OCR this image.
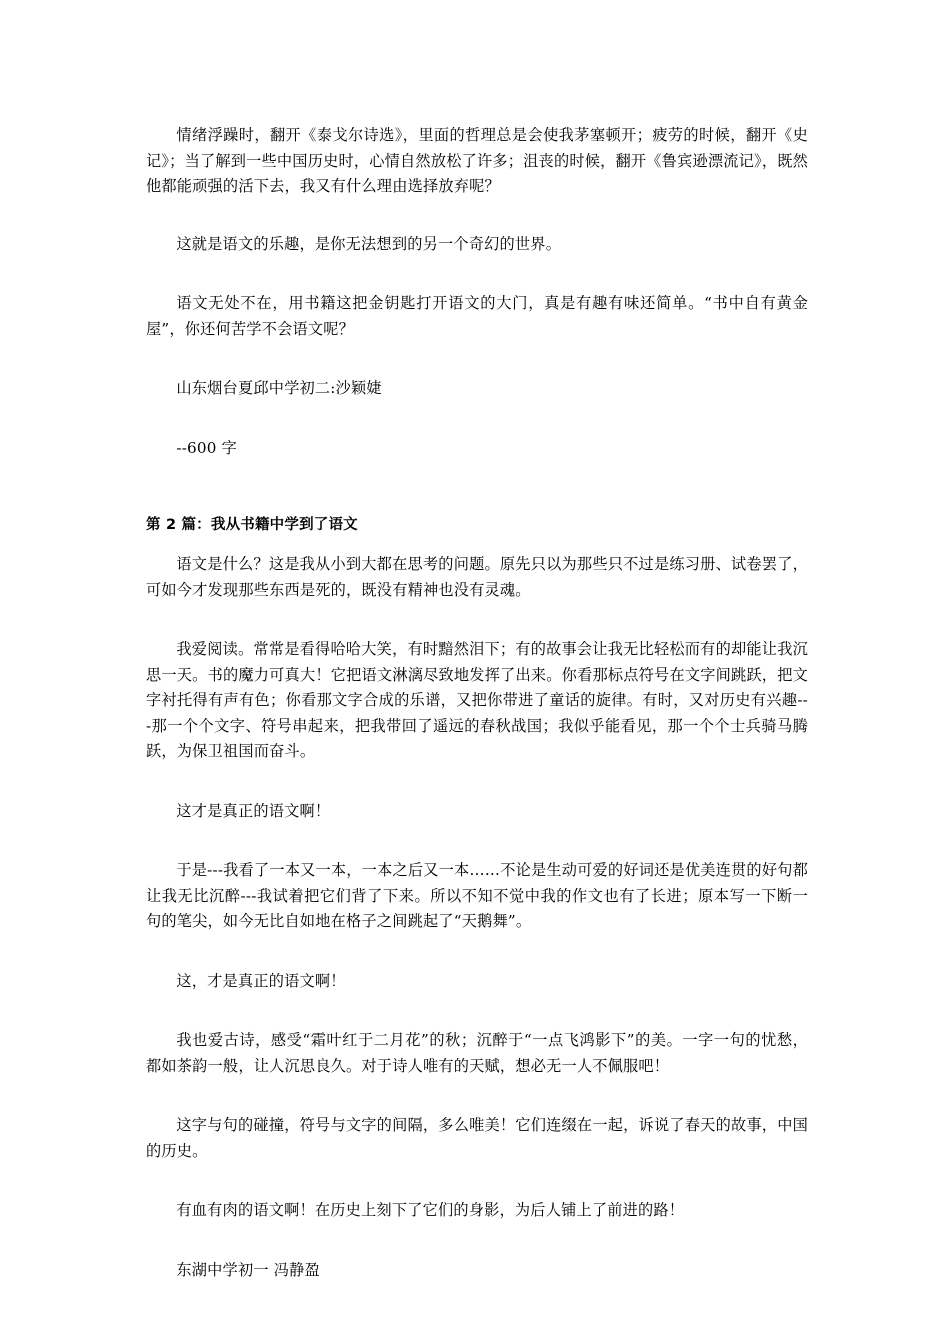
情绪浮躁时，翻开《泰戈尔诗选》，里面的哲理总是会使我茅塞顿开；疲劳的时候，翻开《史记》；当了解到一些中国历史时，心情自然放松了许多；沮丧的时候，翻开《鲁宾逊漂流记》，既然他都能顽强的活下去，我又有什么理由选择放弃呢？

这就是语文的乐趣，是你无法想到的另一个奇幻的世界。

语文无处不在，用书籍这把金钥匙打开语文的大门，真是有趣有味还简单。“书中自有黄金屋”，你还何苦学不会语文呢？

山东烟台夏邱中学初二:沙颖婕

--600 字

第 2 篇：我从书籍中学到了语文

语文是什么？这是我从小到大都在思考的问题。原先只以为那些只不过是练习册、试卷罢了，可如今才发现那些东西是死的，既没有精神也没有灵魂。

我爱阅读。常常是看得哈哈大笑，有时黯然泪下；有的故事会让我无比轻松而有的却能让我沉思一天。书的魔力可真大！它把语文淋漓尽致地发挥了出来。你看那标点符号在文字间跳跃，把文字衬托得有声有色；你看那文字合成的乐谱，又把你带进了童话的旋律。有时，又对历史有兴趣---那一个个文字、符号串起来，把我带回了遥远的春秋战国；我似乎能看见，那一个个士兵骑马腾跃，为保卫祖国而奋斗。

这才是真正的语文啊！

于是---我看了一本又一本，一本之后又一本……不论是生动可爱的好词还是优美连贯的好句都让我无比沉醉---我试着把它们背了下来。所以不知不觉中我的作文也有了长进；原本写一下断一句的笔尖，如今无比自如地在格子之间跳起了“天鹅舞”。

这，才是真正的语文啊！

我也爱古诗，感受“霜叶红于二月花”的秋；沉醉于“一点飞鸿影下”的美。一字一句的忧愁，都如茶韵一般，让人沉思良久。对于诗人唯有的天赋，想必无一人不佩服吧！

这字与句的碰撞，符号与文字的间隔，多么唯美！它们连缀在一起，诉说了春天的故事，中国的历史。

有血有肉的语文啊！在历史上刻下了它们的身影，为后人铺上了前进的路！

东湖中学初一 冯静盈
